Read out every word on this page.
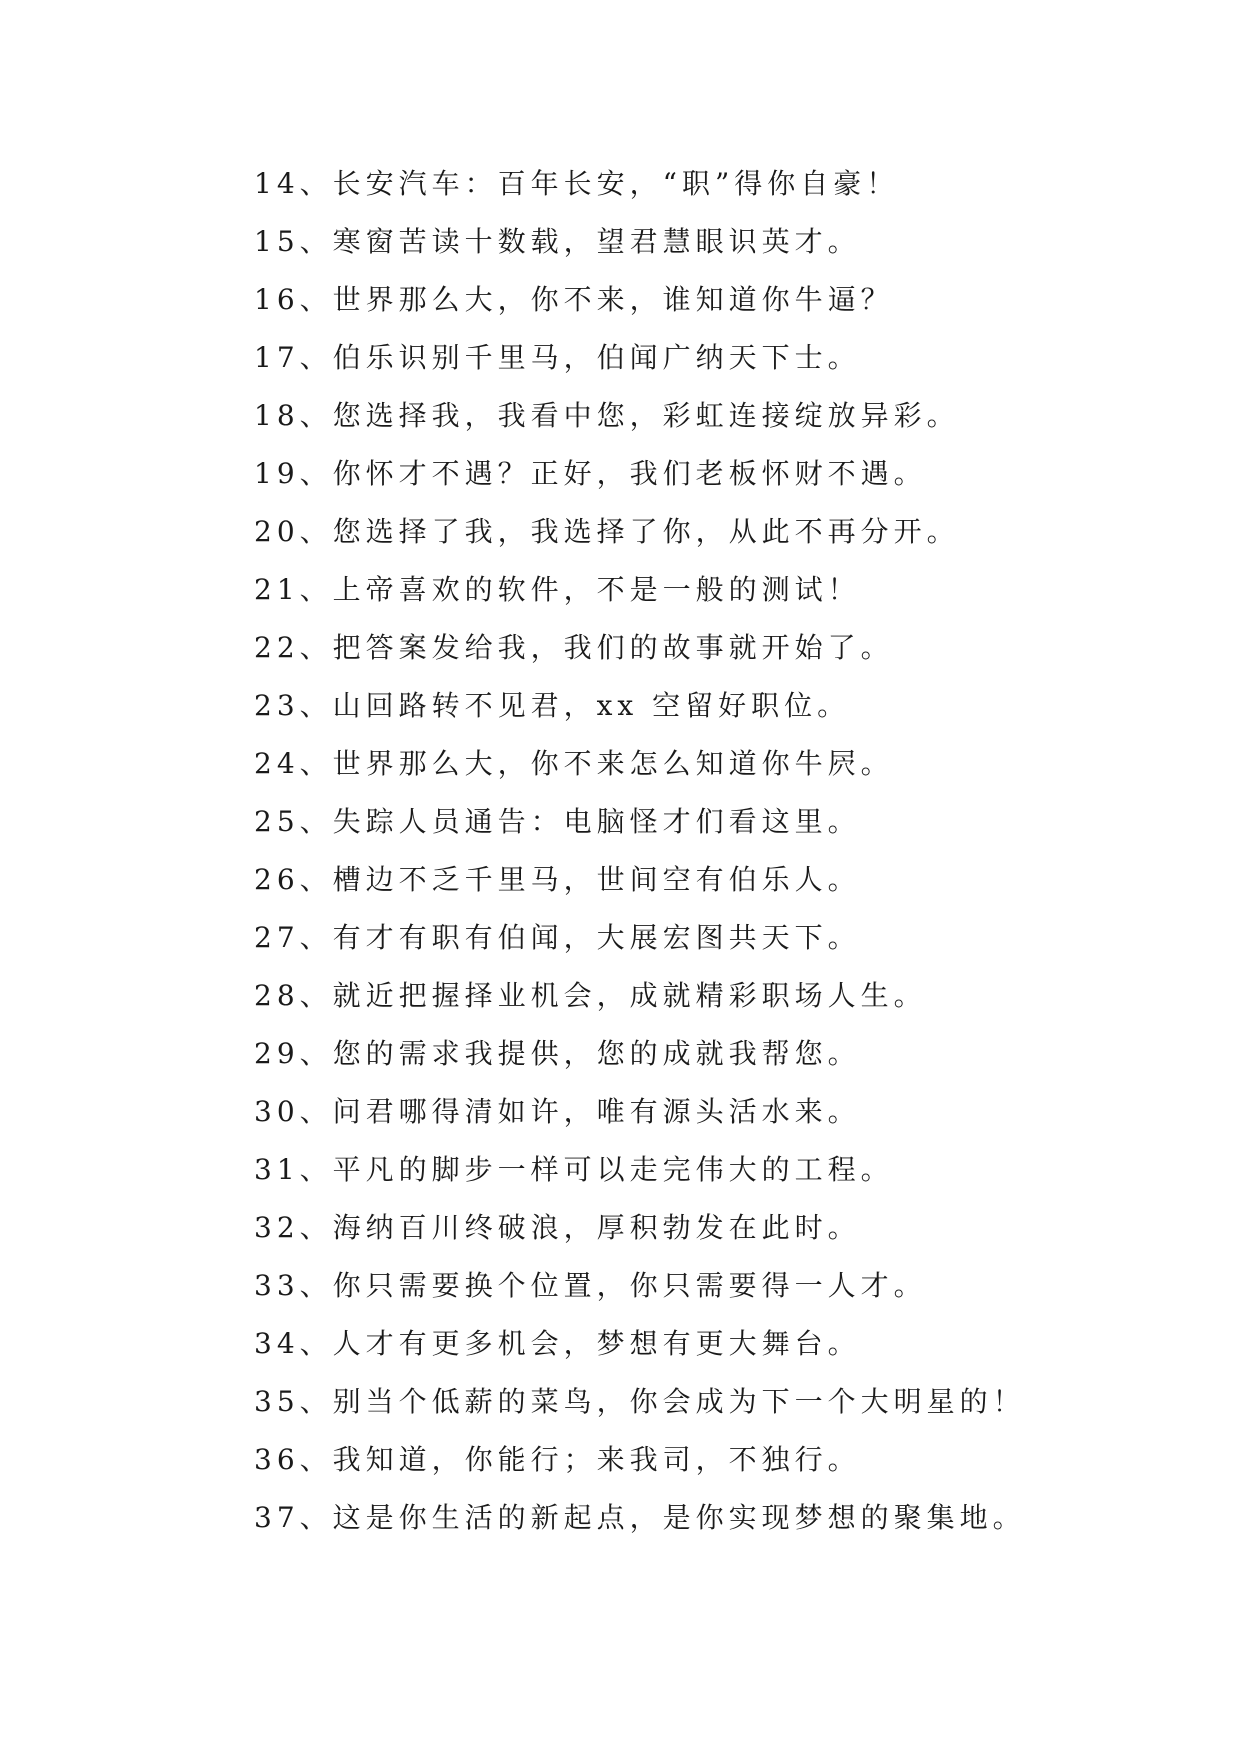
14、长安汽车：百年长安，“职”得你自豪！
15、寒窗苦读十数载，望君慧眼识英才。
16、世界那么大，你不来，谁知道你牛逼？
17、伯乐识别千里马，伯闻广纳天下士。
18、您选择我，我看中您，彩虹连接绽放异彩。
19、你怀才不遇？正好，我们老板怀财不遇。
20、您选择了我，我选择了你，从此不再分开。
21、上帝喜欢的软件，不是一般的测试！
22、把答案发给我，我们的故事就开始了。
23、山回路转不见君，xx 空留好职位。
24、世界那么大，你不来怎么知道你牛屄。
25、失踪人员通告：电脑怪才们看这里。
26、槽边不乏千里马，世间空有伯乐人。
27、有才有职有伯闻，大展宏图共天下。
28、就近把握择业机会，成就精彩职场人生。
29、您的需求我提供，您的成就我帮您。
30、问君哪得清如许，唯有源头活水来。
31、平凡的脚步一样可以走完伟大的工程。
32、海纳百川终破浪，厚积勃发在此时。
33、你只需要换个位置，你只需要得一人才。
34、人才有更多机会，梦想有更大舞台。
35、别当个低薪的菜鸟，你会成为下一个大明星的！
36、我知道，你能行；来我司，不独行。
37、这是你生活的新起点，是你实现梦想的聚集地。
